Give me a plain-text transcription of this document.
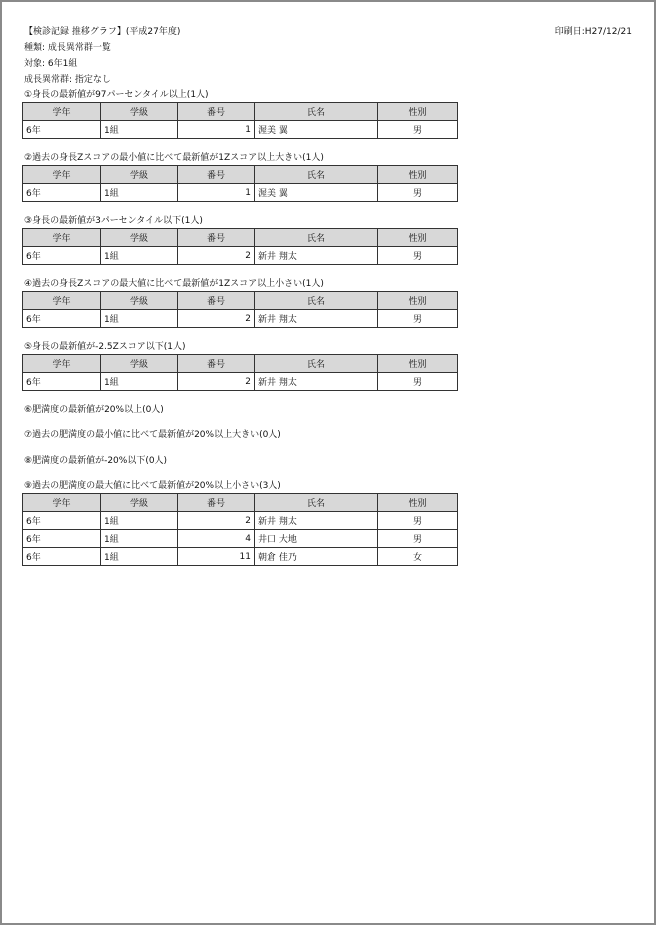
【検診記録 推移グラフ】(平成27年度)	印刷日:H27/12/21
種類: 成長異常群一覧
対象: 6年1組
成長異常群: 指定なし
①身長の最新値が97パーセンタイル以上(1人)
学年	学級	番号	氏名	性別
6年	1組	1	渥美 翼	男
②過去の身長Zスコアの最小値に比べて最新値が1Zスコア以上大きい(1人)
学年	学級	番号	氏名	性別
6年	1組	1	渥美 翼	男
③身長の最新値が3パーセンタイル以下(1人)
学年	学級	番号	氏名	性別
6年	1組	2	新井 翔太	男
④過去の身長Zスコアの最大値に比べて最新値が1Zスコア以上小さい(1人)
学年	学級	番号	氏名	性別
6年	1組	2	新井 翔太	男
⑤身長の最新値が-2.5Zスコア以下(1人)
学年	学級	番号	氏名	性別
6年	1組	2	新井 翔太	男
⑥肥満度の最新値が20%以上(0人)
⑦過去の肥満度の最小値に比べて最新値が20%以上大きい(0人)
⑧肥満度の最新値が-20%以下(0人)
⑨過去の肥満度の最大値に比べて最新値が20%以上小さい(3人)
学年	学級	番号	氏名	性別
6年	1組	2	新井 翔太	男
6年	1組	4	井口 大地	男
6年	1組	11	朝倉 佳乃	女
